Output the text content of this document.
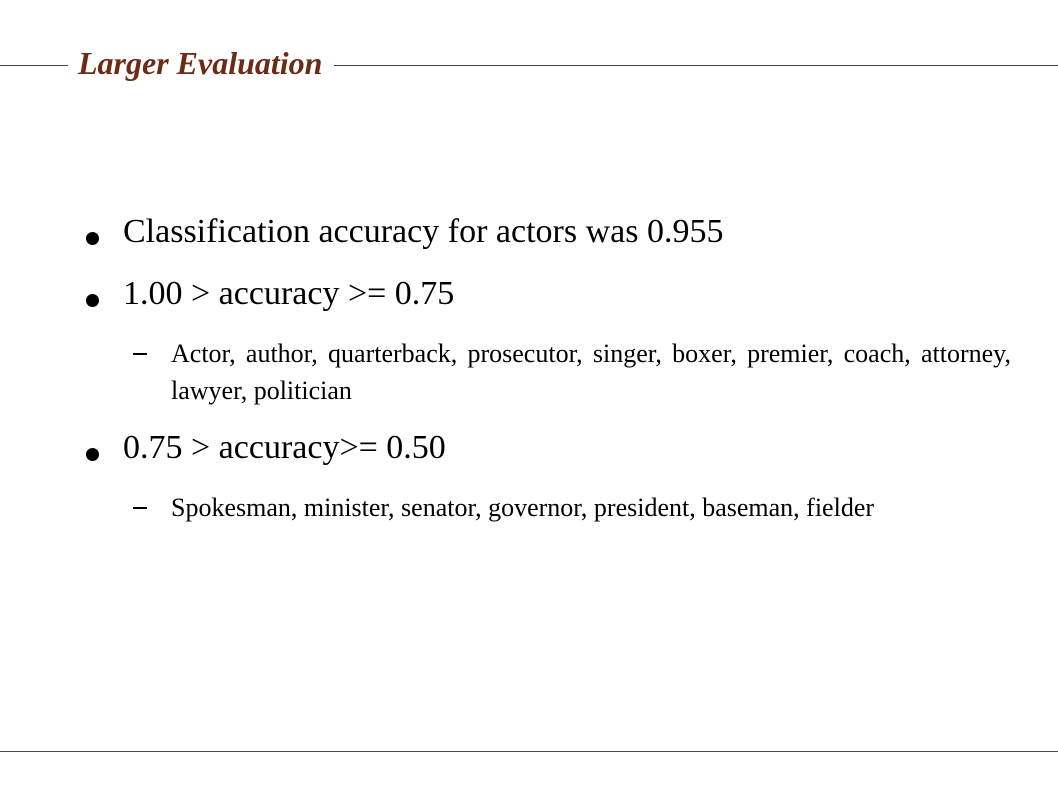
Larger Evaluation
Classification accuracy for actors was 0.955
1.00 > accuracy >= 0.75
Actor, author, quarterback, prosecutor, singer, boxer, premier, coach, attorney, lawyer, politician
0.75 > accuracy>= 0.50
Spokesman, minister, senator, governor, president, baseman, fielder
